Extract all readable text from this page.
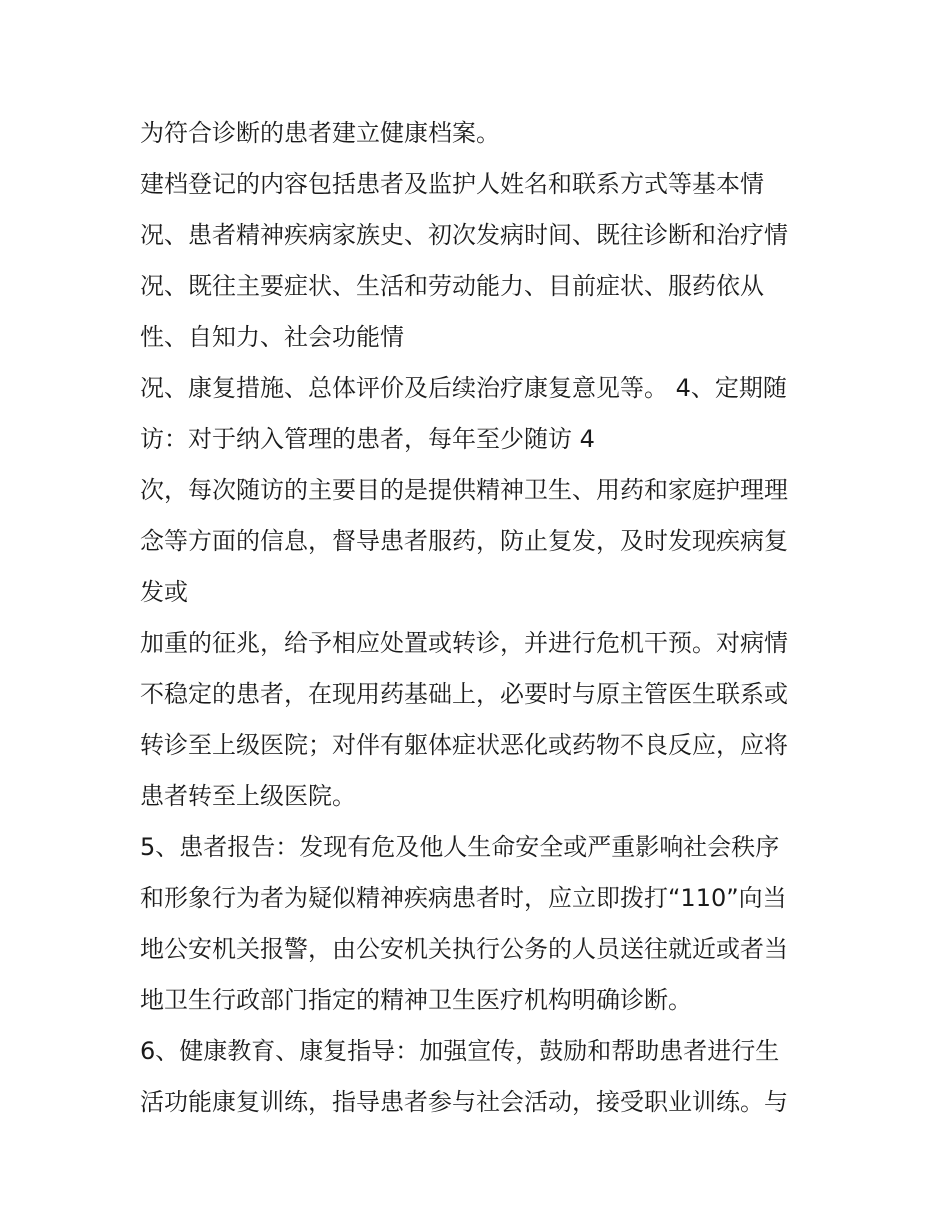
为符合诊断的患者建立健康档案。

建档登记的内容包括患者及监护人姓名和联系方式等基本情

况、患者精神疾病家族史、初次发病时间、既往诊断和治疗情

况、既往主要症状、生活和劳动能力、目前症状、服药依从

性、自知力、社会功能情

况、康复措施、总体评价及后续治疗康复意见等。 4、定期随

访：对于纳入管理的患者，每年至少随访 4

次，每次随访的主要目的是提供精神卫生、用药和家庭护理理

念等方面的信息，督导患者服药，防止复发，及时发现疾病复

发或

加重的征兆，给予相应处置或转诊，并进行危机干预。对病情

不稳定的患者，在现用药基础上，必要时与原主管医生联系或

转诊至上级医院；对伴有躯体症状恶化或药物不良反应，应将

患者转至上级医院。

5、患者报告：发现有危及他人生命安全或严重影响社会秩序

和形象行为者为疑似精神疾病患者时，应立即拨打“110”向当

地公安机关报警，由公安机关执行公务的人员送往就近或者当

地卫生行政部门指定的精神卫生医疗机构明确诊断。

6、健康教育、康复指导：加强宣传，鼓励和帮助患者进行生

活功能康复训练，指导患者参与社会活动，接受职业训练。与
